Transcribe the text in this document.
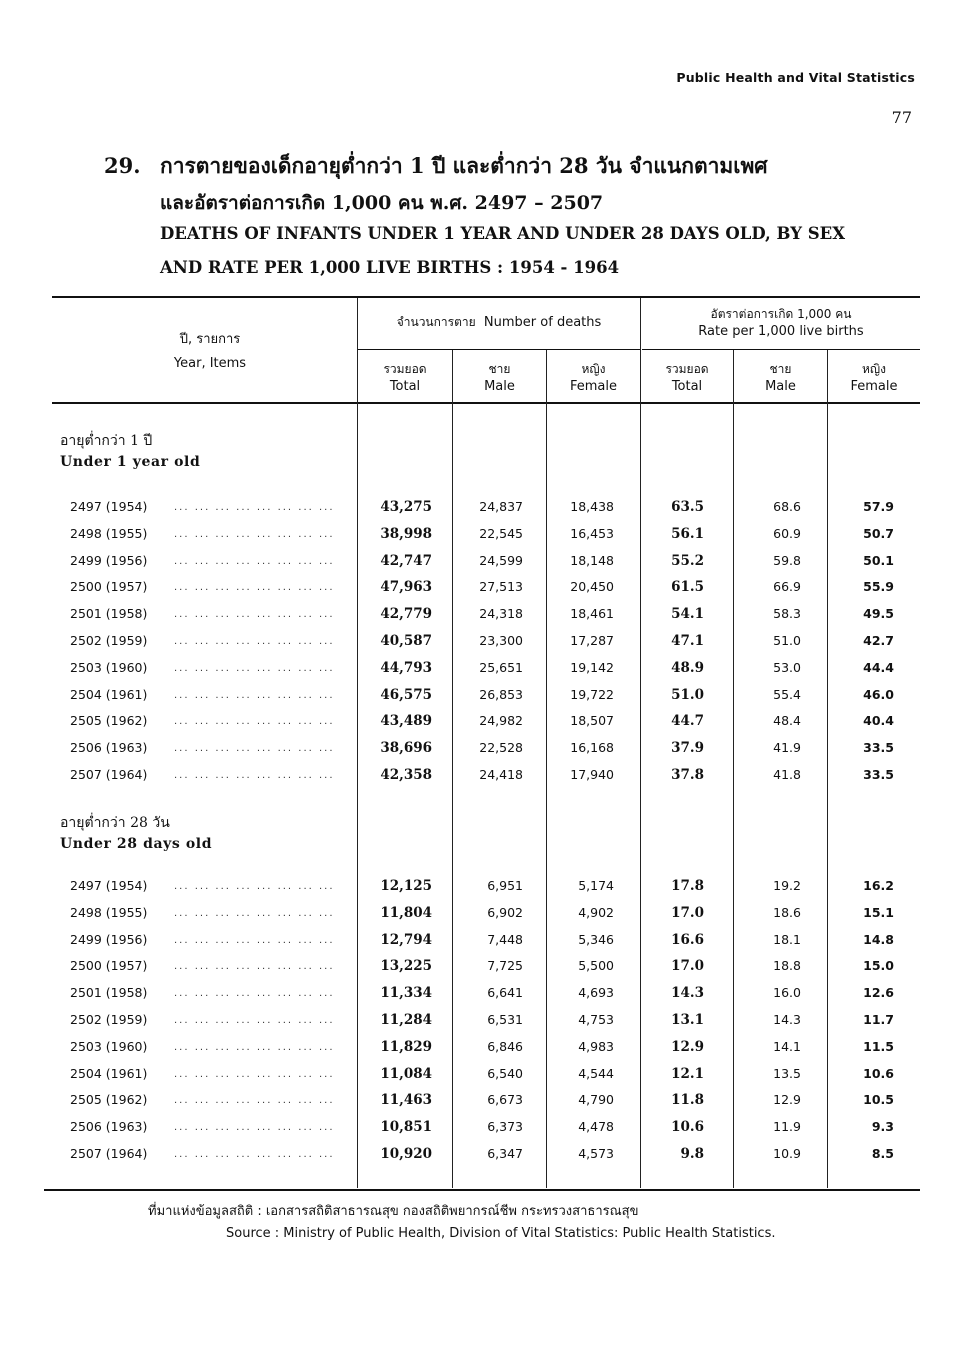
Public Health and Vital Statistics
77
29. การตายของเด็กอายุต่ำกว่า 1 ปี และต่ำกว่า 28 วัน จำแนกตามเพศ
และอัตราต่อการเกิด 1,000 คน พ.ศ. 2497 – 2507
DEATHS OF INFANTS UNDER 1 YEAR AND UNDER 28 DAYS OLD, BY SEX
AND RATE PER 1,000 LIVE BIRTHS : 1954 - 1964
ปี, รายการ
Year, Items
จำนวนการตาย Number of deaths
อัตราต่อการเกิด 1,000 คน
Rate per 1,000 live births
รวมยอด
Total
ชาย
Male
หญิง
Female
รวมยอด
Total
ชาย
Male
หญิง
Female
อายุต่ำกว่า 1 ปี
Under 1 year old
อายุต่ำกว่า 28 วัน
Under 28 days old
2497 (1954)	... ... ... ... ... ... ... ...	43,275	24,837	18,438	63.5	68.6	57.9
2498 (1955)	... ... ... ... ... ... ... ...	38,998	22,545	16,453	56.1	60.9	50.7
2499 (1956)	... ... ... ... ... ... ... ...	42,747	24,599	18,148	55.2	59.8	50.1
2500 (1957)	... ... ... ... ... ... ... ...	47,963	27,513	20,450	61.5	66.9	55.9
2501 (1958)	... ... ... ... ... ... ... ...	42,779	24,318	18,461	54.1	58.3	49.5
2502 (1959)	... ... ... ... ... ... ... ...	40,587	23,300	17,287	47.1	51.0	42.7
2503 (1960)	... ... ... ... ... ... ... ...	44,793	25,651	19,142	48.9	53.0	44.4
2504 (1961)	... ... ... ... ... ... ... ...	46,575	26,853	19,722	51.0	55.4	46.0
2505 (1962)	... ... ... ... ... ... ... ...	43,489	24,982	18,507	44.7	48.4	40.4
2506 (1963)	... ... ... ... ... ... ... ...	38,696	22,528	16,168	37.9	41.9	33.5
2507 (1964)	... ... ... ... ... ... ... ...	42,358	24,418	17,940	37.8	41.8	33.5
2497 (1954)	... ... ... ... ... ... ... ...	12,125	6,951	5,174	17.8	19.2	16.2
2498 (1955)	... ... ... ... ... ... ... ...	11,804	6,902	4,902	17.0	18.6	15.1
2499 (1956)	... ... ... ... ... ... ... ...	12,794	7,448	5,346	16.6	18.1	14.8
2500 (1957)	... ... ... ... ... ... ... ...	13,225	7,725	5,500	17.0	18.8	15.0
2501 (1958)	... ... ... ... ... ... ... ...	11,334	6,641	4,693	14.3	16.0	12.6
2502 (1959)	... ... ... ... ... ... ... ...	11,284	6,531	4,753	13.1	14.3	11.7
2503 (1960)	... ... ... ... ... ... ... ...	11,829	6,846	4,983	12.9	14.1	11.5
2504 (1961)	... ... ... ... ... ... ... ...	11,084	6,540	4,544	12.1	13.5	10.6
2505 (1962)	... ... ... ... ... ... ... ...	11,463	6,673	4,790	11.8	12.9	10.5
2506 (1963)	... ... ... ... ... ... ... ...	10,851	6,373	4,478	10.6	11.9	9.3
2507 (1964)	... ... ... ... ... ... ... ...	10,920	6,347	4,573	9.8	10.9	8.5
ที่มาแห่งข้อมูลสถิติ : เอกสารสถิติสาธารณสุข กองสถิติพยากรณ์ชีพ กระทรวงสาธารณสุข
Source : Ministry of Public Health, Division of Vital Statistics: Public Health Statistics.
